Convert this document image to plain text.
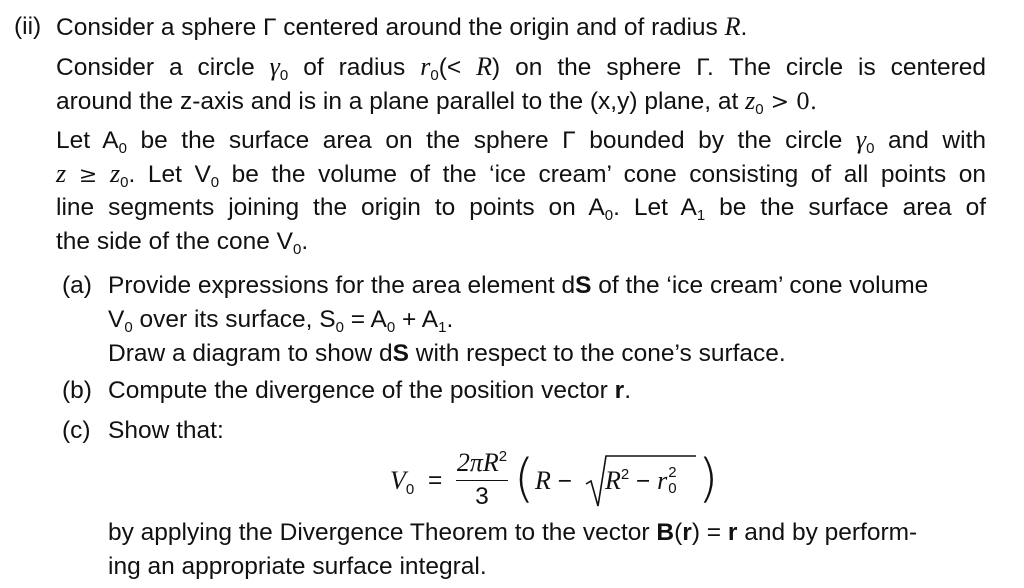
(ii) Consider a sphere Γ centered around the origin and of radius R.
Consider a circle $\gamma_0$ of radius $r_0(< R)$ on the sphere Γ. The circle is centered
around the z-axis and is in a plane parallel to the (x,y) plane, at $z_0 > 0$.
Let $A_0$ be the surface area on the sphere Γ bounded by the circle $\gamma_0$ and with
$z \ge z_0$. Let $V_0$ be the volume of the ‘ice cream’ cone consisting of all points on
line segments joining the origin to points on $A_0$. Let $A_1$ be the surface area of
the side of the cone $V_0$.
(a) Provide expressions for the area element dS of the ‘ice cream’ cone volume
$V_0$ over its surface, $S_0 = A_0 + A_1$.
Draw a diagram to show dS with respect to the cone’s surface.
(b) Compute the divergence of the position vector r.
(c) Show that:
$V_0$ =
$2\pi R^2$
3 ( $R - R^2 - r$ 2
0 )
by applying the Divergence Theorem to the vector B(r) = r and by perform-
ing an appropriate surface integral.
